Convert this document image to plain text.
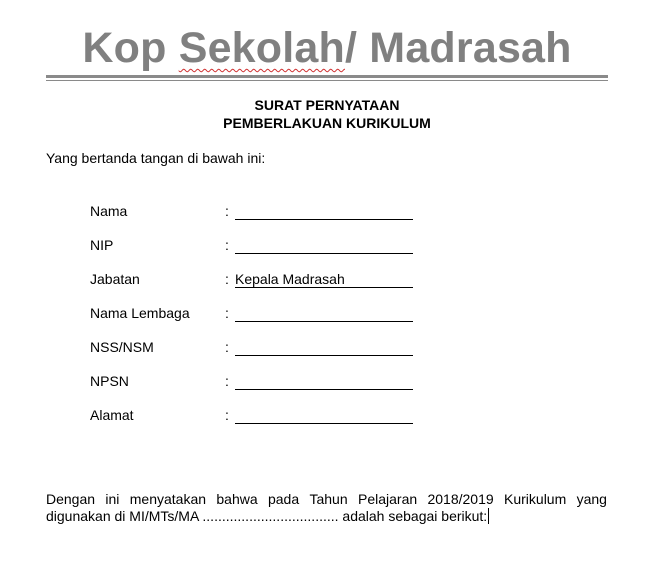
Kop Sekolah/ Madrasah
SURAT PERNYATAAN
PEMBERLAKUAN KURIKULUM
Yang bertanda tangan di bawah ini:
Nama	:
NIP	:
Jabatan	: Kepala Madrasah
Nama Lembaga	:
NSS/NSM	:
NPSN	:
Alamat	:
Dengan ini menyatakan bahwa pada Tahun Pelajaran 2018/2019 Kurikulum yang
digunakan di MI/MTs/MA ................................... adalah sebagai berikut:
